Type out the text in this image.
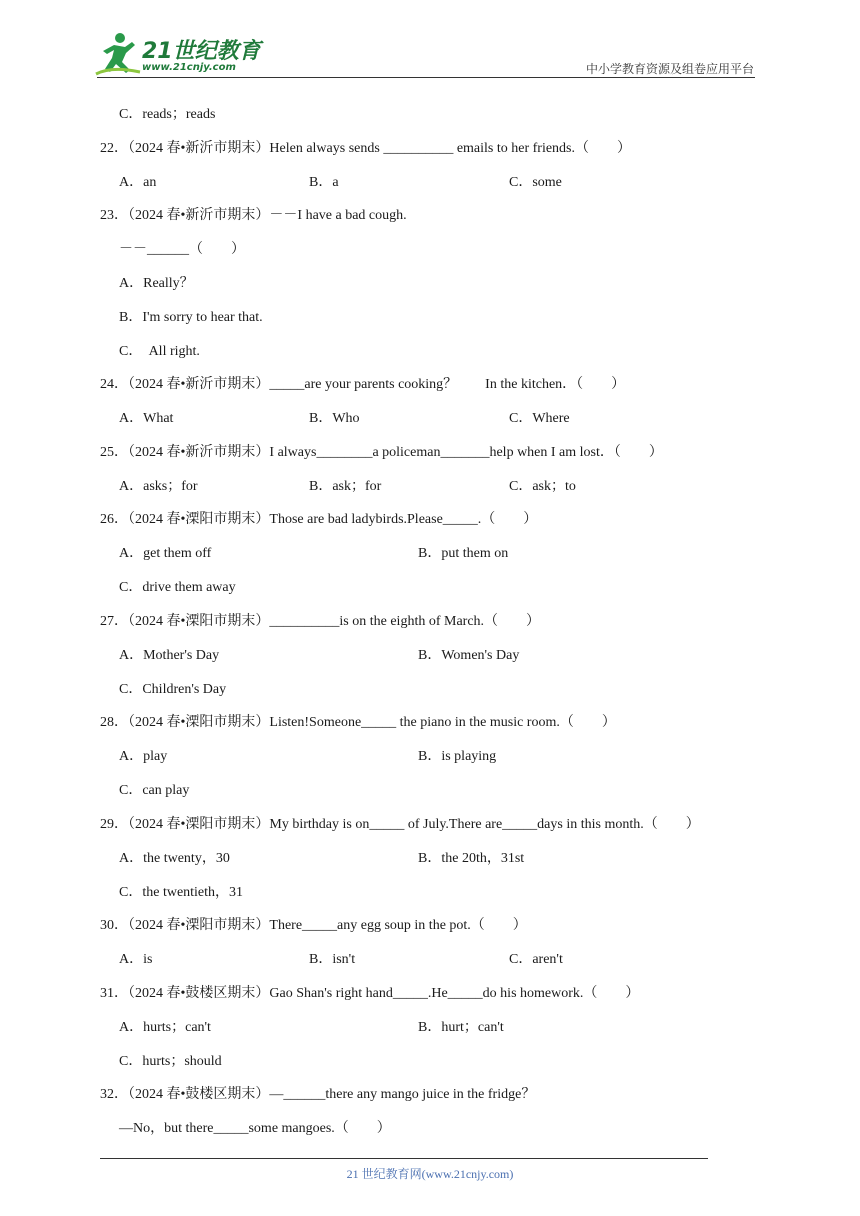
21世纪教育
www.21cnjy.com	中小学教育资源及组卷应用平台
C．reads；reads
22．（2024 春•新沂市期末）Helen always sends __________ emails to her friends.（　　）
A．an	B．a	C．some
23．（2024 春•新沂市期末）－－I have a bad cough.
－－______（　　）
A．Really？
B．I'm sorry to hear that.
C．  All right.
24．（2024 春•新沂市期末）_____are your parents cooking？        In the kitchen．（　　）
A．What	B．Who	C．Where
25．（2024 春•新沂市期末）I always________a policeman_______help when I am lost．（　　）
A．asks；for	B．ask；for	C．ask；to
26．（2024 春•溧阳市期末）Those are bad ladybirds.Please_____.（　　）
A．get them off	B．put them on
C．drive them away
27．（2024 春•溧阳市期末）__________is on the eighth of March.（　　）
A．Mother's Day	B．Women's Day
C．Children's Day
28．（2024 春•溧阳市期末）Listen!Someone_____ the piano in the music room.（　　）
A．play	B．is playing
C．can play
29．（2024 春•溧阳市期末）My birthday is on_____ of July.There are_____days in this month.（　　）
A．the twenty，30	B．the 20th，31st
C．the twentieth，31
30．（2024 春•溧阳市期末）There_____any egg soup in the pot.（　　）
A．is	B．isn't	C．aren't
31．（2024 春•鼓楼区期末）Gao Shan's right hand_____.He_____do his homework.（　　）
A．hurts；can't	B．hurt；can't
C．hurts；should
32．（2024 春•鼓楼区期末）—______there any mango juice in the fridge？
—No，but there_____some mangoes.（　　）
21 世纪教育网(www.21cnjy.com)
